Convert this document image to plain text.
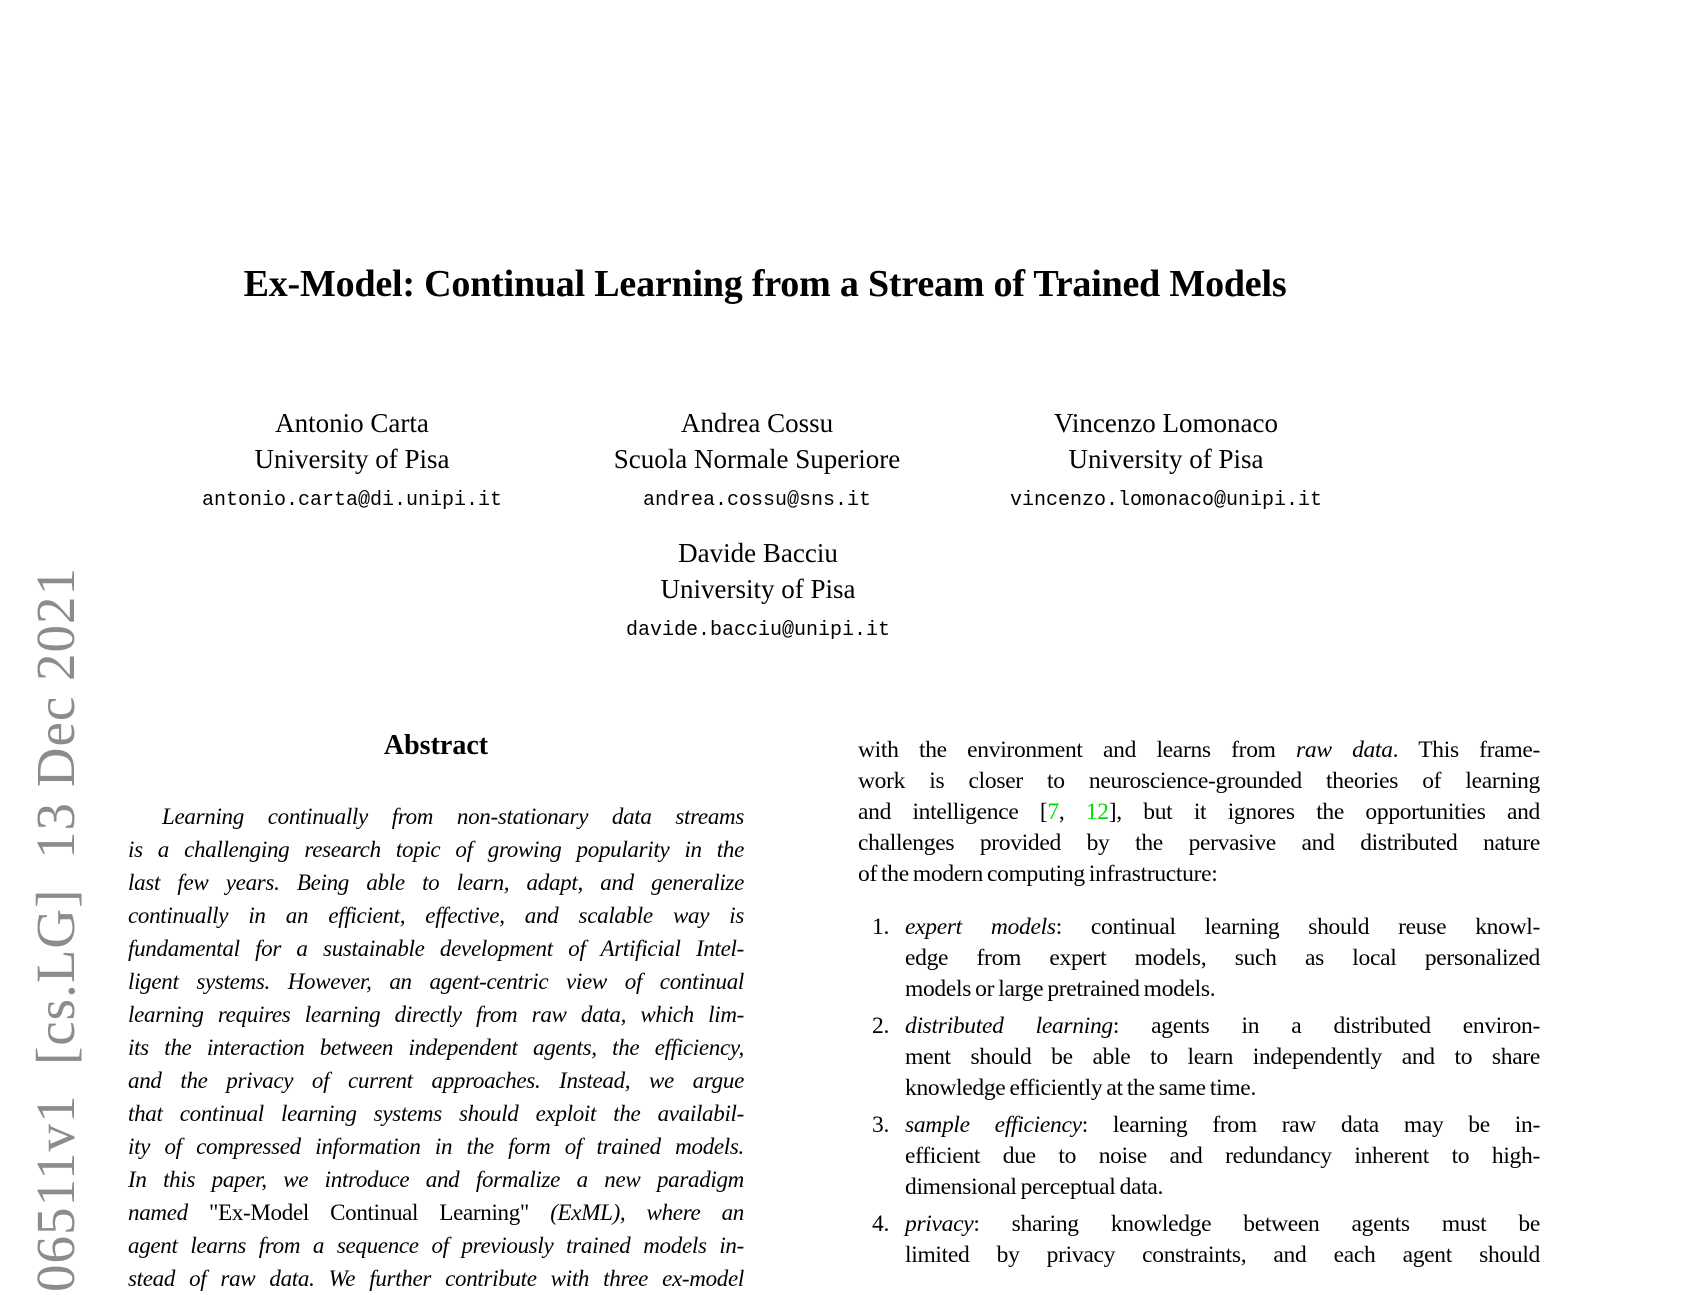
06511v1  [cs.LG]  13 Dec 2021
Ex-Model: Continual Learning from a Stream of Trained Models
Antonio Carta
University of Pisa
antonio.carta@di.unipi.it
Andrea Cossu
Scuola Normale Superiore
andrea.cossu@sns.it
Vincenzo Lomonaco
University of Pisa
vincenzo.lomonaco@unipi.it
Davide Bacciu
University of Pisa
davide.bacciu@unipi.it
Abstract
Learning continually from non-stationary data streams
is a challenging research topic of growing popularity in the
last few years. Being able to learn, adapt, and generalize
continually in an efficient, effective, and scalable way is
fundamental for a sustainable development of Artificial Intel-
ligent systems. However, an agent-centric view of continual
learning requires learning directly from raw data, which lim-
its the interaction between independent agents, the efficiency,
and the privacy of current approaches. Instead, we argue
that continual learning systems should exploit the availabil-
ity of compressed information in the form of trained models.
In this paper, we introduce and formalize a new paradigm
named "Ex-Model Continual Learning" (ExML), where an
agent learns from a sequence of previously trained models in-
stead of raw data. We further contribute with three ex-model
with the environment and learns from raw data. This frame-
work is closer to neuroscience-grounded theories of learning
and intelligence [7, 12], but it ignores the opportunities and
challenges provided by the pervasive and distributed nature
of the modern computing infrastructure:
1. expert models: continual learning should reuse knowl-
edge from expert models, such as local personalized
models or large pretrained models.
2. distributed learning: agents in a distributed environ-
ment should be able to learn independently and to share
knowledge efficiently at the same time.
3. sample efficiency: learning from raw data may be in-
efficient due to noise and redundancy inherent to high-
dimensional perceptual data.
4. privacy: sharing knowledge between agents must be
limited by privacy constraints, and each agent should
